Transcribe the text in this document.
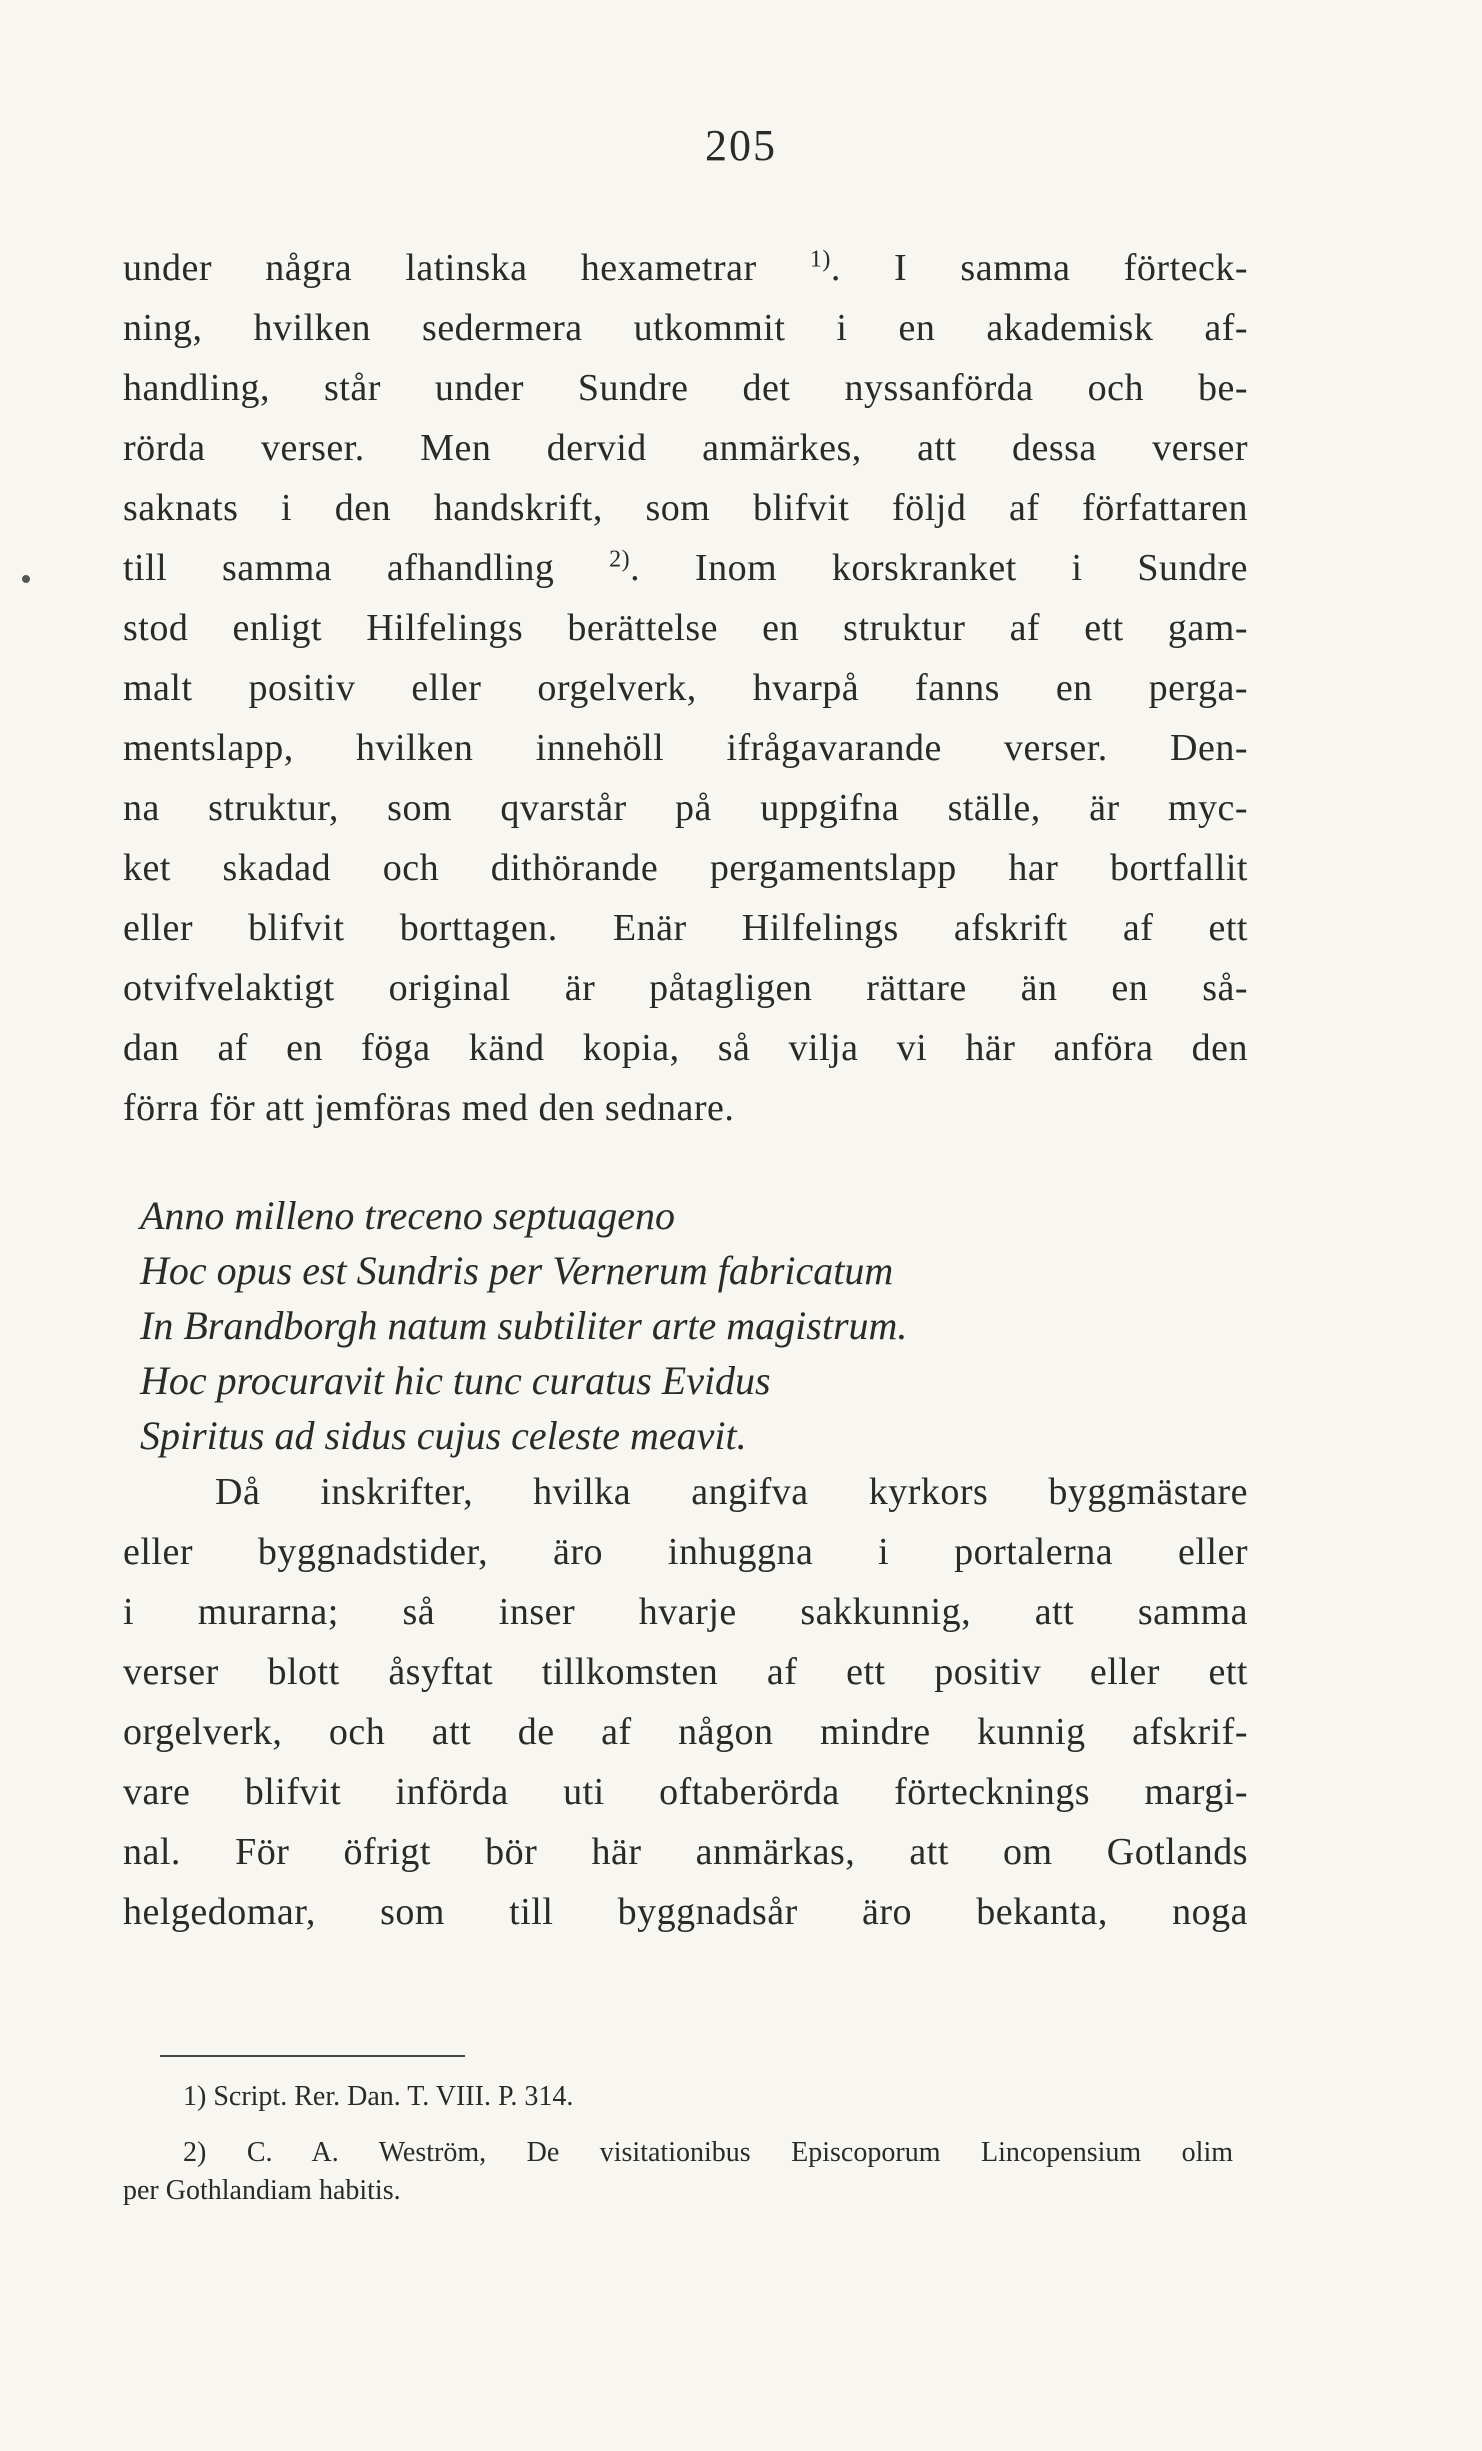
205
under några latinska hexametrar $^{1)}$. I samma förteck-
ning, hvilken sedermera utkommit i en akademisk af-
handling, står under Sundre det nyssanförda och be-
rörda verser. Men dervid anmärkes, att dessa verser
saknats i den handskrift, som blifvit följd af författaren
till samma afhandling $^{2)}$. Inom korskranket i Sundre
stod enligt Hilfelings berättelse en struktur af ett gam-
malt positiv eller orgelverk, hvarpå fanns en perga-
mentslapp, hvilken innehöll ifrågavarande verser. Den-
na struktur, som qvarstår på uppgifna ställe, är myc-
ket skadad och dithörande pergamentslapp har bortfallit
eller blifvit borttagen. Enär Hilfelings afskrift af ett
otvifvelaktigt original är påtagligen rättare än en så-
dan af en föga känd kopia, så vilja vi här anföra den
förra för att jemföras med den sednare.
Anno milleno treceno septuageno
Hoc opus est Sundris per Vernerum fabricatum
In Brandborgh natum subtiliter arte magistrum.
Hoc procuravit hic tunc curatus Evidus
Spiritus ad sidus cujus celeste meavit.
Då inskrifter, hvilka angifva kyrkors byggmästare
eller byggnadstider, äro inhuggna i portalerna eller
i murarna; så inser hvarje sakkunnig, att samma
verser blott åsyftat tillkomsten af ett positiv eller ett
orgelverk, och att de af någon mindre kunnig afskrif-
vare blifvit införda uti oftaberörda förtecknings margi-
nal. För öfrigt bör här anmärkas, att om Gotlands
helgedomar, som till byggnadsår äro bekanta, noga
1) Script. Rer. Dan. T. VIII. P. 314.
2) C. A. Weström, De visitationibus Episcoporum Lincopensium olim
per Gothlandiam habitis.
